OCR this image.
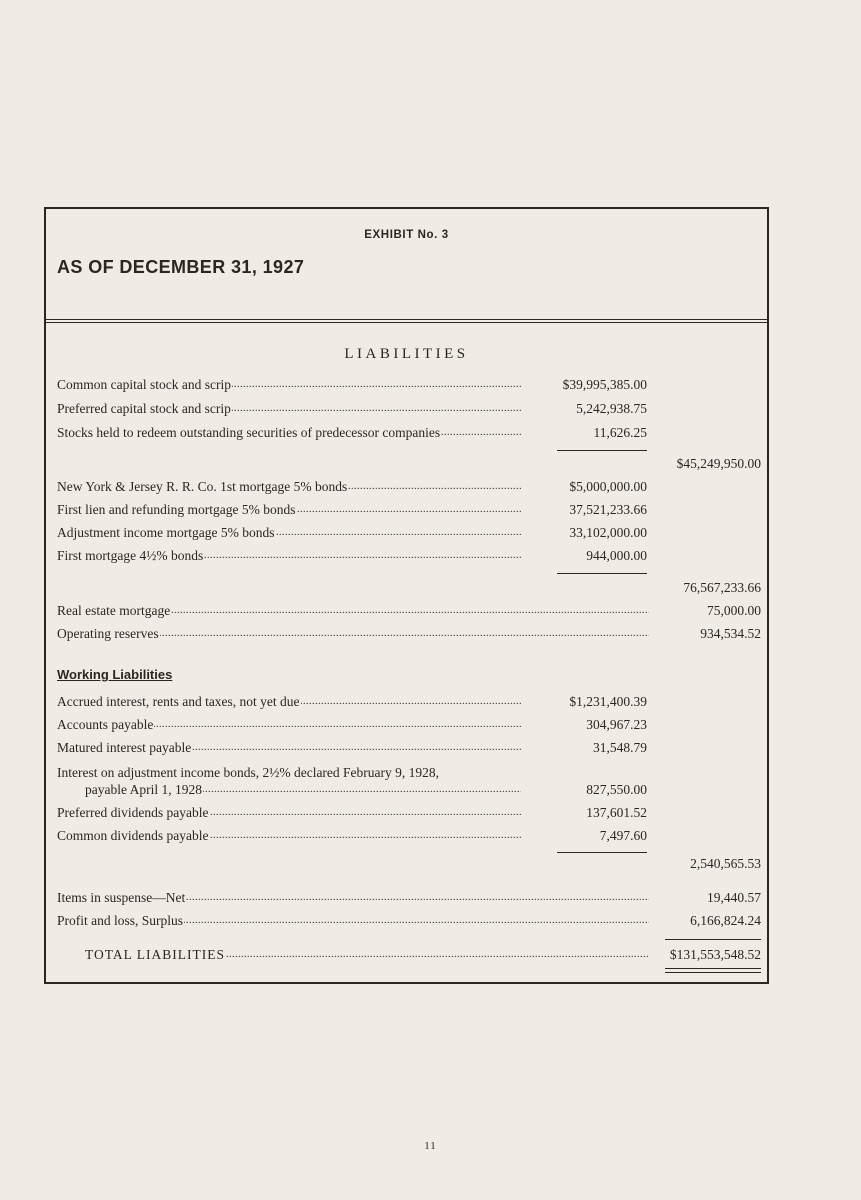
EXHIBIT No. 3
AS OF DECEMBER 31, 1927
LIABILITIES
Common capital stock and scrip .....	$39,995,385.00
Preferred capital stock and scrip .....	5,242,938.75
Stocks held to redeem outstanding securities of predecessor companies .....	11,626.25
$45,249,950.00
New York & Jersey R. R. Co. 1st mortgage 5% bonds .....	$5,000,000.00
First lien and refunding mortgage 5% bonds .....	37,521,233.66
Adjustment income mortgage 5% bonds .....	33,102,000.00
First mortgage 4½% bonds .....	944,000.00
76,567,233.66
Real estate mortgage .....	75,000.00
Operating reserves .....	934,534.52
Working Liabilities
Accrued interest, rents and taxes, not yet due .....	$1,231,400.39
Accounts payable .....	304,967.23
Matured interest payable .....	31,548.79
Interest on adjustment income bonds, 2½% declared February 9, 1928,
payable April 1, 1928 .....	827,550.00
Preferred dividends payable .....	137,601.52
Common dividends payable .....	7,497.60
2,540,565.53
Items in suspense—Net .....	19,440.57
Profit and loss, Surplus .....	6,166,824.24
TOTAL LIABILITIES .....	$131,553,548.52
11
